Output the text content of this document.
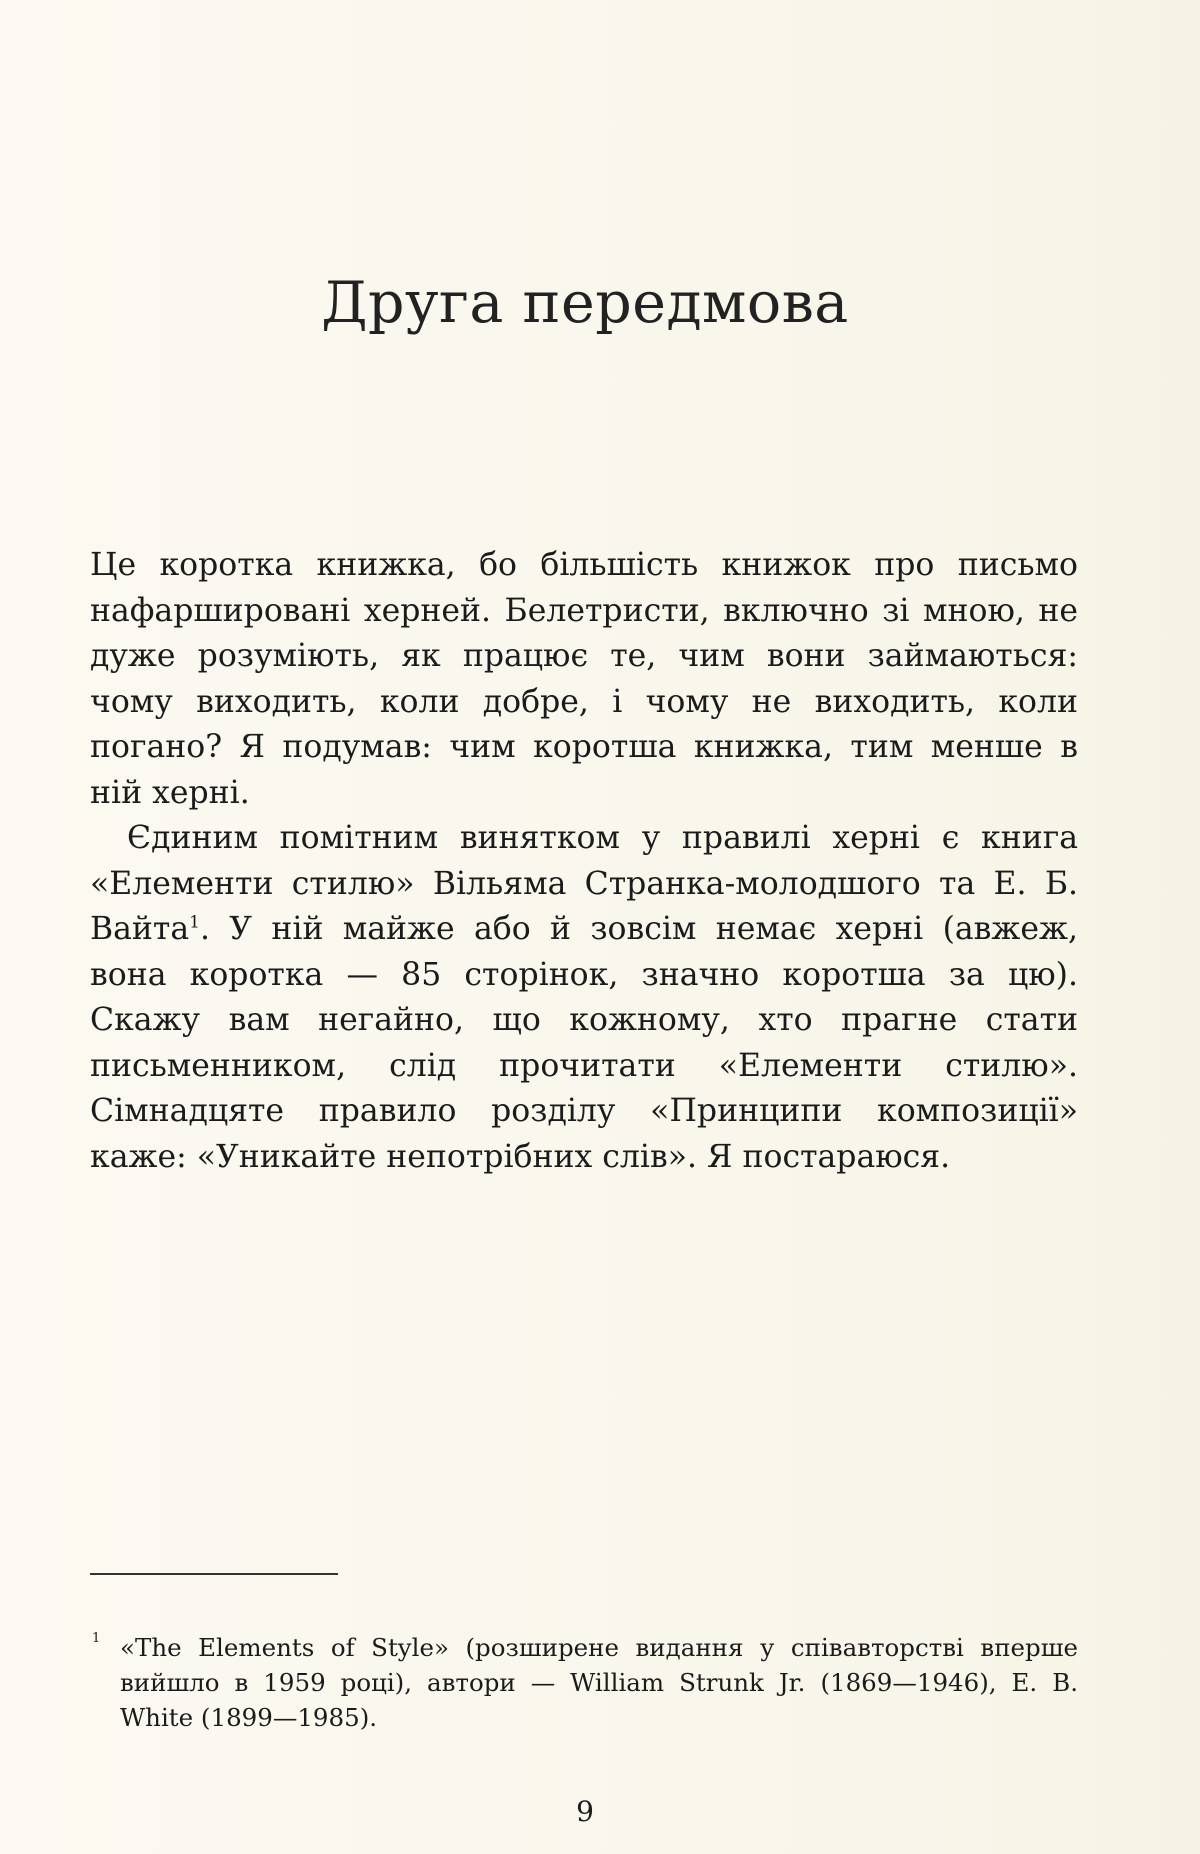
Друга передмова

Це коротка книжка, бо більшість книжок про письмо нафаршировані херней. Белетристи, включно зі мною, не дуже розуміють, як працює те, чим вони займаються: чому виходить, коли добре, і чому не виходить, коли погано? Я подумав: чим коротша книжка, тим менше в ній херні.

Єдиним помітним винятком у правилі херні є книга «Елементи стилю» Вільяма Странка-молодшого та Е. Б. Вайта$^1$. У ній майже або й зовсім немає херні (авжеж, вона коротка — 85 сторінок, значно коротша за цю). Скажу вам негайно, що кожному, хто прагне стати письменником, слід прочитати «Елементи стилю». Сімнадцяте правило розділу «Принципи композиції» каже: «Уникайте непотрібних слів». Я постараюся.

1 «The Elements of Style» (розширене видання у співавторстві вперше вийшло в 1959 році), автори — William Strunk Jr. (1869—1946), E. B. White (1899—1985).
9
